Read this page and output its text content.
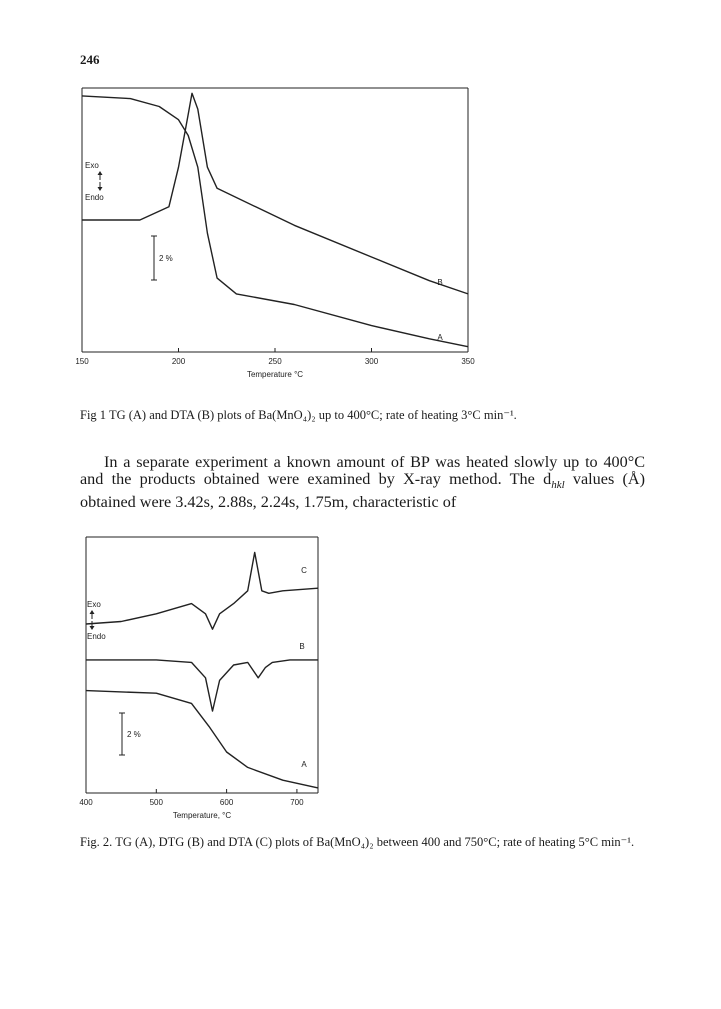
246
150	200	250	300	350
Temperature °C
B
A
Exo
Endo
2 %
Fig 1 TG (A) and DTA (B) plots of Ba(MnO₄)₂ up to 400°C; rate of heating 3°C min⁻¹.

In a separate experiment a known amount of BP was heated slowly up to 400°C and the products obtained were examined by X-ray method. The $d_{hkl}$ values (Å) obtained were 3.42s, 2.88s, 2.24s, 1.75m, characteristic of

400	500	600	700
Temperature, °C
C
B
A
Exo
Endo
2 %
Fig. 2. TG (A), DTG (B) and DTA (C) plots of Ba(MnO₄)₂ between 400 and 750°C; rate of heating 5°C min⁻¹.
